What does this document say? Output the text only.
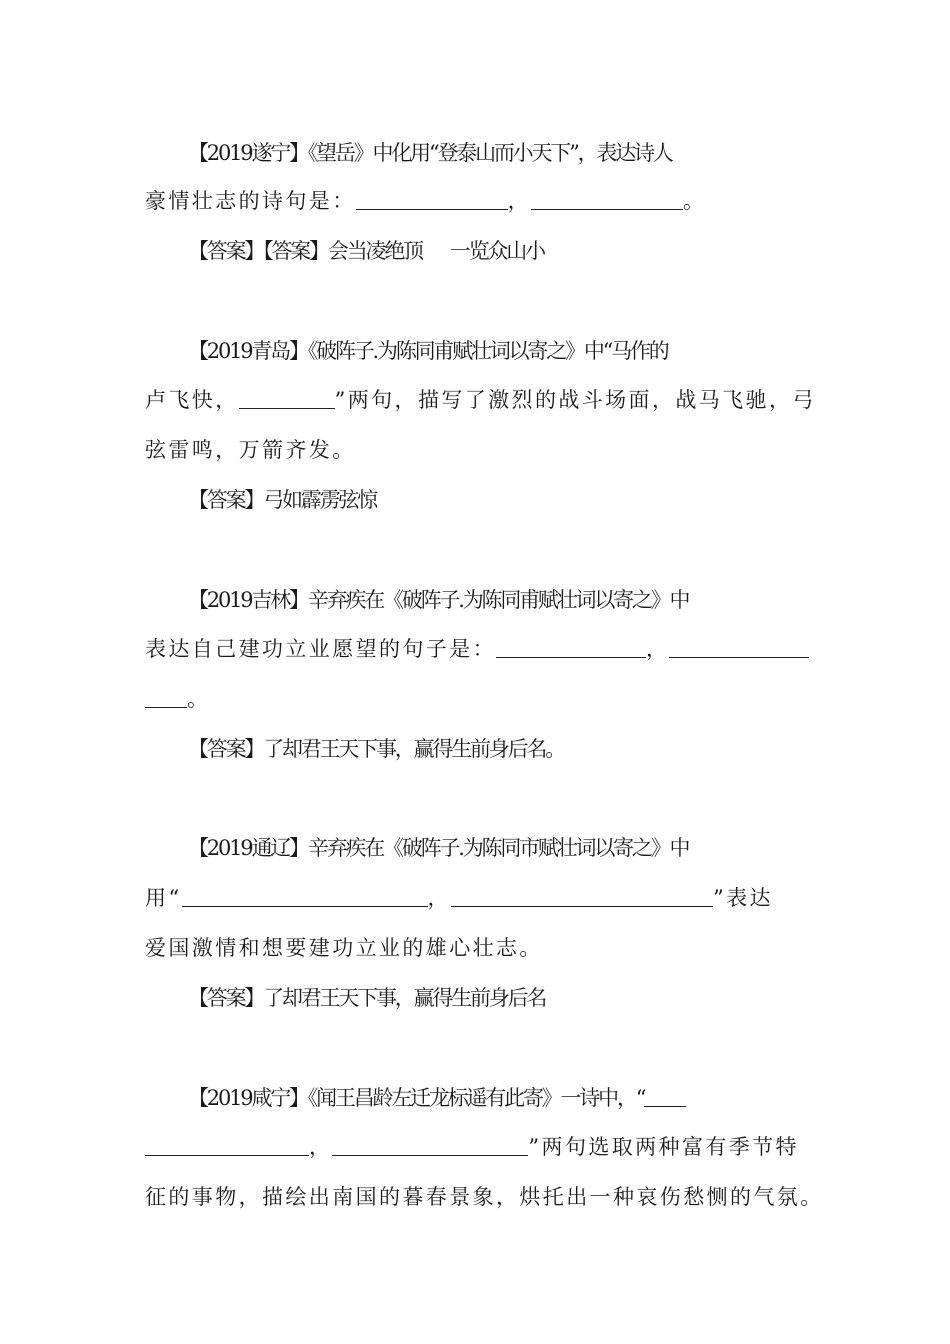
【2019遂宁】《望岳》中化用“登泰山而小天下”，表达诗人
豪情壮志的诗句是：	，	。
【答案】【答案】会当凌绝顶 一览众山小
【2019青岛】《破阵子.为陈同甫赋壮词以寄之》中“马作的
卢飞快，	”两句，描写了激烈的战斗场面，战马飞驰，弓
弦雷鸣，万箭齐发。
【答案】弓如霹雳弦惊
【2019吉林】辛弃疾在《破阵子.为陈同甫赋壮词以寄之》中
表达自己建功立业愿望的句子是：	，
。
【答案】了却君王天下事，赢得生前身后名。
【2019通辽】辛弃疾在《破阵子.为陈同市赋壮词以寄之》中
用“	，	”表达
爱国激情和想要建功立业的雄心壮志。
【答案】了却君王天下事，赢得生前身后名
【2019咸宁】《闻王昌龄左迁龙标遥有此寄》一诗中，“
，	”两句选取两种富有季节特
征的事物，描绘出南国的暮春景象，烘托出一种哀伤愁恻的气氛。
